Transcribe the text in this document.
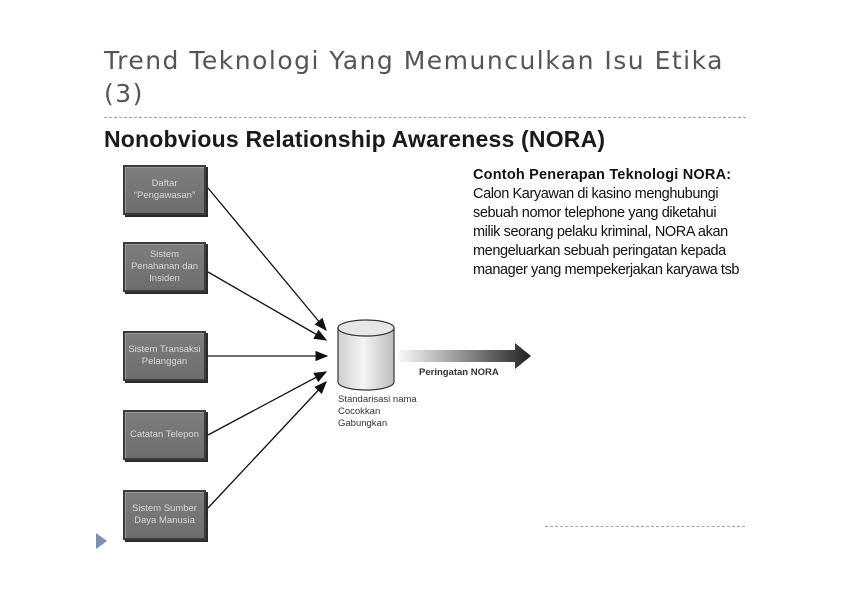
Trend Teknologi Yang Memunculkan Isu Etika (3)
Nonobvious Relationship Awareness (NORA)
Daftar “Pengawasan”
Sistem Penahanan dan Insiden
Sistem Transaksi Pelanggan
Catatan Telepon
Sistem Sumber Daya Manusia
Standarisasi nama
Cocokkan
Gabungkan
Peringatan NORA
Contoh Penerapan Teknologi NORA: Calon Karyawan di kasino menghubungi sebuah nomor telephone yang diketahui milik seorang pelaku kriminal, NORA akan mengeluarkan sebuah peringatan kepada manager yang mempekerjakan karyawa tsb
